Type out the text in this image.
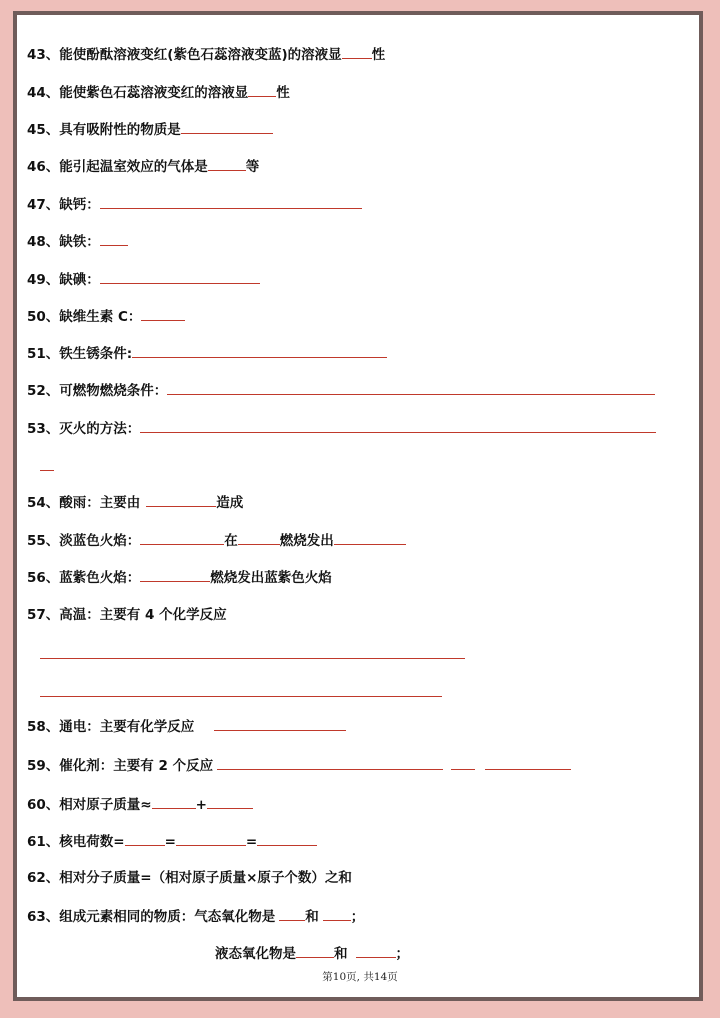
43、能使酚酞溶液变红(紫色石蕊溶液变蓝)的溶液显 性
44、能使紫色石蕊溶液变红的溶液显 性
45、具有吸附性的物质是
46、能引起温室效应的气体是	等
47、缺钙：
48、缺铁：
49、缺碘：
50、缺维生素 C：
51、铁生锈条件:
52、可燃物燃烧条件：
53、灭火的方法：
54、酸雨：主要由	造成
55、淡蓝色火焰：	在	燃烧发出
56、蓝紫色火焰：	燃烧发出蓝紫色火焰
57、高温：主要有 4 个化学反应
58、通电：主要有化学反应
59、催化剂：主要有 2 个反应
60、相对原子质量≈	+
61、核电荷数=	=	=
62、相对分子质量=（相对原子质量×原子个数）之和
63、组成元素相同的物质：气态氧化物是 和 ；
液态氧化物是	和	；
第10页, 共14页
